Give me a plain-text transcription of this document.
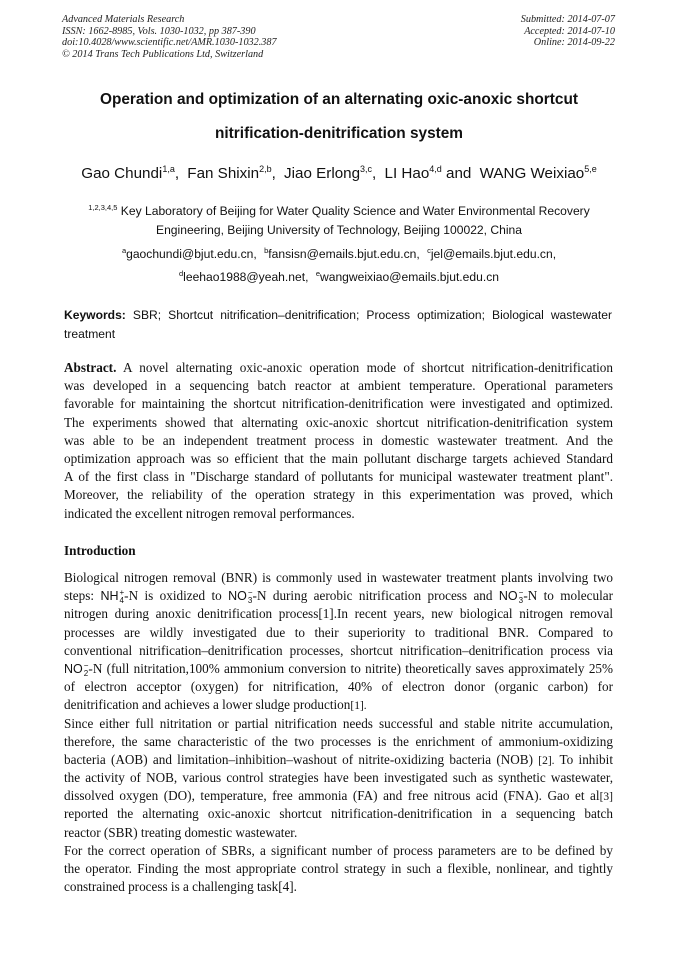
Advanced Materials Research
ISSN: 1662-8985, Vols. 1030-1032, pp 387-390
doi:10.4028/www.scientific.net/AMR.1030-1032.387
© 2014 Trans Tech Publications Ltd, Switzerland
Submitted: 2014-07-07
Accepted: 2014-07-10
Online: 2014-09-22
Operation and optimization of an alternating oxic-anoxic shortcut
nitrification-denitrification system
Gao Chundi$^{1,a}$, Fan Shixin$^{2,b}$, Jiao Erlong$^{3,c}$, LI Hao$^{4,d}$ and WANG Weixiao$^{5,e}$
$^{1,2,3,4,5}$ Key Laboratory of Beijing for Water Quality Science and Water Environmental Recovery
Engineering, Beijing University of Technology, Beijing 100022, China
$^a$gaochundi@bjut.edu.cn, $^b$fansisn@emails.bjut.edu.cn, $^c$jel@emails.bjut.edu.cn,
$^d$leehao1988@yeah.net, $^e$wangweixiao@emails.bjut.edu.cn
Keywords: SBR; Shortcut nitrification–denitrification; Process optimization; Biological wastewater treatment
Abstract. A novel alternating oxic-anoxic operation mode of shortcut nitrification-denitrification
was developed in a sequencing batch reactor at ambient temperature. Operational parameters
favorable for maintaining the shortcut nitrification-denitrification were investigated and optimized.
The experiments showed that alternating oxic-anoxic shortcut nitrification-denitrification system
was able to be an independent treatment process in domestic wastewater treatment. And the
optimization approach was so efficient that the main pollutant discharge targets achieved Standard
A of the first class in "Discharge standard of pollutants for municipal wastewater treatment plant".
Moreover, the reliability of the operation strategy in this experimentation was proved, which
indicated the excellent nitrogen removal performances.
Introduction
Biological nitrogen removal (BNR) is commonly used in wastewater treatment plants involving two
steps: NH +
4 -N is oxidized to NO −
3 -N during aerobic nitrification process and NO −
3 -N to molecular
nitrogen during anoxic denitrification process[1].In recent years, new biological nitrogen removal
processes are wildly investigated due to their superiority to traditional BNR. Compared to
conventional nitrification–denitrification processes, shortcut nitrification–denitrification process via
NO −
2 -N (full nitritation,100% ammonium conversion to nitrite) theoretically saves approximately 25%
of electron acceptor (oxygen) for nitrification, 40% of electron donor (organic carbon) for
denitrification and achieves a lower sludge production[1].
Since either full nitritation or partial nitrification needs successful and stable nitrite accumulation,
therefore, the same characteristic of the two processes is the enrichment of ammonium-oxidizing
bacteria (AOB) and limitation–inhibition–washout of nitrite-oxidizing bacteria (NOB) [2]. To inhibit
the activity of NOB, various control strategies have been investigated such as synthetic wastewater,
dissolved oxygen (DO), temperature, free ammonia (FA) and free nitrous acid (FNA). Gao et al[3]
reported the alternating oxic-anoxic shortcut nitrification-denitrification in a sequencing batch
reactor (SBR) treating domestic wastewater.
For the correct operation of SBRs, a significant number of process parameters are to be defined by
the operator. Finding the most appropriate control strategy in such a flexible, nonlinear, and tightly
constrained process is a challenging task[4].
